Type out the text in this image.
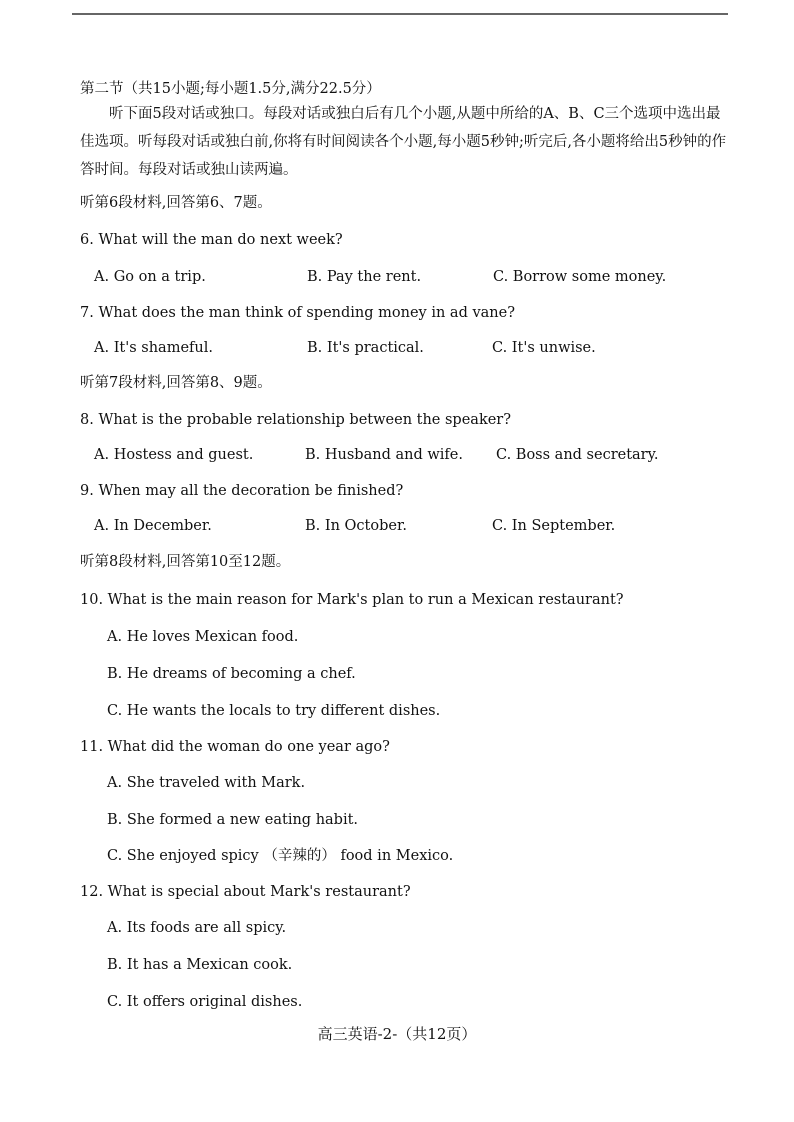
第二节（共15小题;每小题1.5分,满分22.5分）
听下面5段对话或独口。每段对话或独白后有几个小题,从题中所给的A、B、C三个选项中选出最佳选项。听每段对话或独白前,你将有时间阅读各个小题,每小题5秒钟;听完后,各小题将给出5秒钟的作答时间。每段对话或独山读两遍。
听第6段材料,回答第6、7题。
6. What will the man do next week?
A. Go on a trip.	B. Pay the rent.	C. Borrow some money.
7. What does the man think of spending money in ad vane?
A. It's shameful.	B. It's practical.	C. It's unwise.
听第7段材料,回答第8、9题。
8. What is the probable relationship between the speaker?
A. Hostess and guest.	B. Husband and wife. C. Boss and secretary.
9. When may all the decoration be finished?
A. In December.	B. In October.	C. In September.
听第8段材料,回答第10至12题。
10. What is the main reason for Mark's plan to run a Mexican restaurant?
A. He loves Mexican food.
B. He dreams of becoming a chef.
C. He wants the locals to try different dishes.
11. What did the woman do one year ago?
A. She traveled with Mark.
B. She formed a new eating habit.
C. She enjoyed spicy （辛辣的） food in Mexico.
12. What is special about Mark's restaurant?
A. Its foods are all spicy.
B. It has a Mexican cook.
C. It offers original dishes.
高三英语-2-（共12页）
